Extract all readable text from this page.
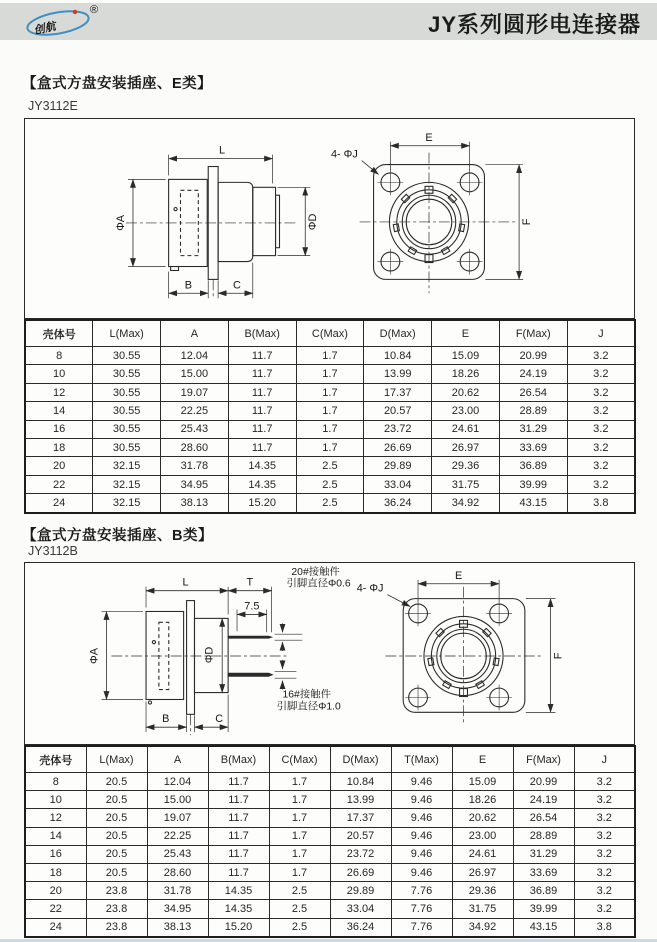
创航
®
JY系列圆形电连接器
【盒式方盘安装插座、E类】
JY3112E
L
ΦA	ΦD
B	C
E
F
4- ΦJ
壳体号	L(Max)	A	B(Max)	C(Max)	D(Max)	E	F(Max)	J
8	30.55	12.04	11.7	1.7	10.84	15.09	20.99	3.2
10	30.55	15.00	11.7	1.7	13.99	18.26	24.19	3.2
12	30.55	19.07	11.7	1.7	17.37	20.62	26.54	3.2
14	30.55	22.25	11.7	1.7	20.57	23.00	28.89	3.2
16	30.55	25.43	11.7	1.7	23.72	24.61	31.29	3.2
18	30.55	28.60	11.7	1.7	26.69	26.97	33.69	3.2
20	32.15	31.78	14.35	2.5	29.89	29.36	36.89	3.2
22	32.15	34.95	14.35	2.5	33.04	31.75	39.99	3.2
24	32.15	38.13	15.20	2.5	36.24	34.92	43.15	3.8
【盒式方盘安装插座、B类】
JY3112B
ΦD
L	T
7.5
ΦA
20#接触件
引脚直径Φ0.6
16#接触件
引脚直径Φ1.0
B	C
E
F
4- ΦJ
壳体号	L(Max)	A	B(Max)	C(Max)	D(Max)	T(Max)	E	F(Max)	J
8	20.5	12.04	11.7	1.7	10.84	9.46	15.09	20.99	3.2
10	20.5	15.00	11.7	1.7	13.99	9.46	18.26	24.19	3.2
12	20.5	19.07	11.7	1.7	17.37	9.46	20.62	26.54	3.2
14	20.5	22.25	11.7	1.7	20.57	9.46	23.00	28.89	3.2
16	20.5	25.43	11.7	1.7	23.72	9.46	24.61	31.29	3.2
18	20.5	28.60	11.7	1.7	26.69	9.46	26.97	33.69	3.2
20	23.8	31.78	14.35	2.5	29.89	7.76	29.36	36.89	3.2
22	23.8	34.95	14.35	2.5	33.04	7.76	31.75	39.99	3.2
24	23.8	38.13	15.20	2.5	36.24	7.76	34.92	43.15	3.8
